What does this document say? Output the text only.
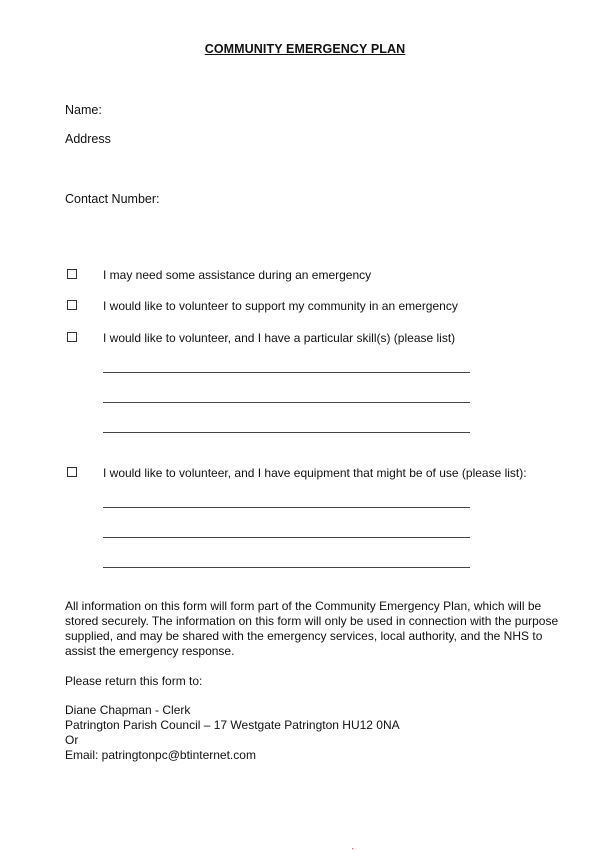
COMMUNITY EMERGENCY PLAN
Name:
Address
Contact Number:
I may need some assistance during an emergency
I would like to volunteer to support my community in an emergency
I would like to volunteer, and I have a particular skill(s) (please list)
I would like to volunteer, and I have equipment that might be of use (please list):
All information on this form will form part of the Community Emergency Plan, which will be stored securely. The information on this form will only be used in connection with the purpose supplied, and may be shared with the emergency services, local authority, and the NHS to assist the emergency response.
Please return this form to:
Diane Chapman - Clerk
Patrington Parish Council – 17 Westgate Patrington HU12 0NA
Or
Email: patringtonpc@btinternet.com
